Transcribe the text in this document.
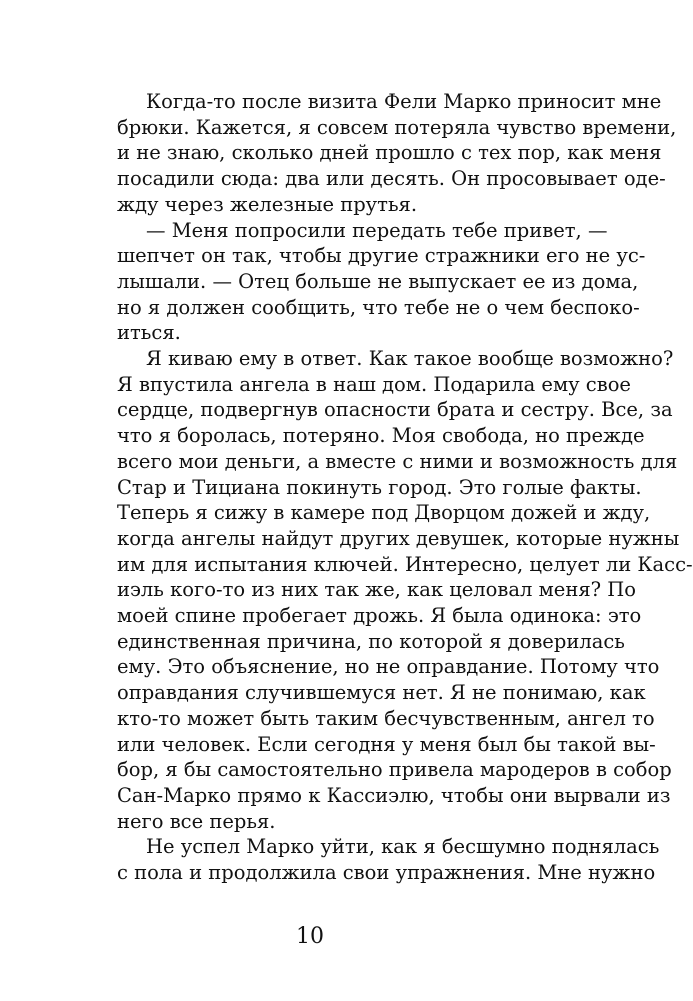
Когда-то после визита Фели Марко приносит мне
брюки. Кажется, я совсем потеряла чувство времени,
и не знаю, сколько дней прошло с тех пор, как меня
посадили сюда: два или десять. Он просовывает оде-
жду через железные прутья.
— Меня попросили передать тебе привет, —
шепчет он так, чтобы другие стражники его не ус-
лышали. — Отец больше не выпускает ее из дома,
но я должен сообщить, что тебе не о чем беспоко-
иться.
Я киваю ему в ответ. Как такое вообще возможно?
Я впустила ангела в наш дом. Подарила ему свое
сердце, подвергнув опасности брата и сестру. Все, за
что я боролась, потеряно. Моя свобода, но прежде
всего мои деньги, а вместе с ними и возможность для
Стар и Тициана покинуть город. Это голые факты.
Теперь я сижу в камере под Дворцом дожей и жду,
когда ангелы найдут других девушек, которые нужны
им для испытания ключей. Интересно, целует ли Касс-
иэль кого-то из них так же, как целовал меня? По
моей спине пробегает дрожь. Я была одинока: это
единственная причина, по которой я доверилась
ему. Это объяснение, но не оправдание. Потому что
оправдания случившемуся нет. Я не понимаю, как
кто-то может быть таким бесчувственным, ангел то
или человек. Если сегодня у меня был бы такой вы-
бор, я бы самостоятельно привела мародеров в собор
Сан-Марко прямо к Кассиэлю, чтобы они вырвали из
него все перья.
Не успел Марко уйти, как я бесшумно поднялась
с пола и продолжила свои упражнения. Мне нужно
10
